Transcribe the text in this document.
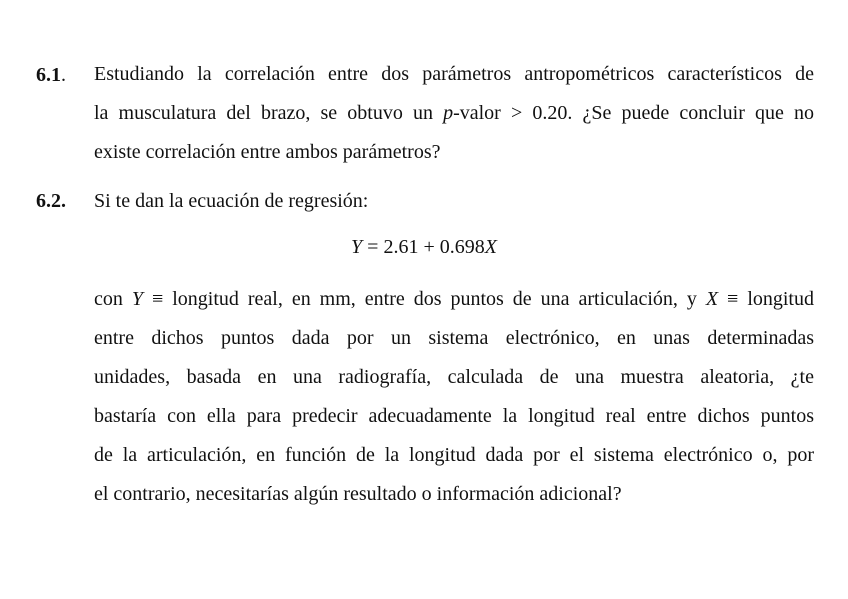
6.1. Estudiando la correlación entre dos parámetros antropométricos característicos de
la musculatura del brazo, se obtuvo un p-valor > 0.20. ¿Se puede concluir que no
existe correlación entre ambos parámetros?
6.2. Si te dan la ecuación de regresión:
Y = 2.61 + 0.698X
con Y ≡ longitud real, en mm, entre dos puntos de una articulación, y X ≡ longitud
entre dichos puntos dada por un sistema electrónico, en unas determinadas
unidades, basada en una radiografía, calculada de una muestra aleatoria, ¿te
bastaría con ella para predecir adecuadamente la longitud real entre dichos puntos
de la articulación, en función de la longitud dada por el sistema electrónico o, por
el contrario, necesitarías algún resultado o información adicional?
